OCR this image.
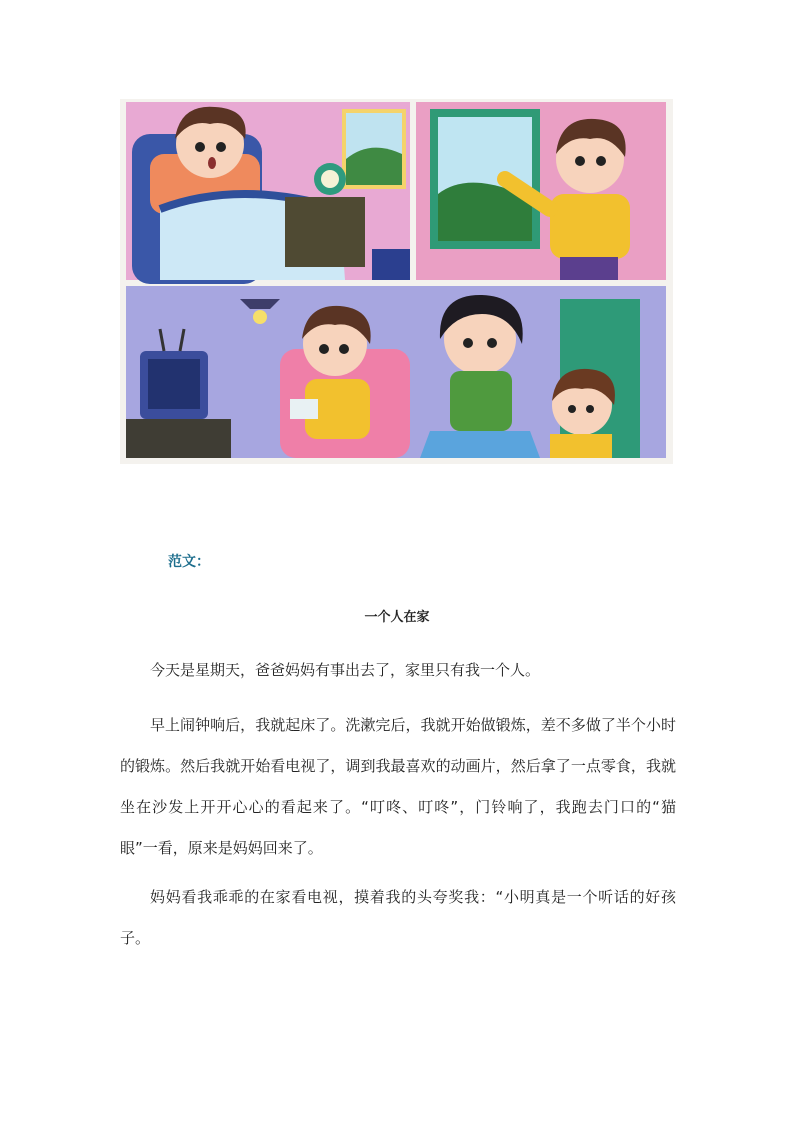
范文：
一个人在家

今天是星期天，爸爸妈妈有事出去了，家里只有我一个人。

早上闹钟响后，我就起床了。洗漱完后，我就开始做锻炼，差不多做了半个小时的锻炼。然后我就开始看电视了，调到我最喜欢的动画片，然后拿了一点零食，我就坐在沙发上开开心心的看起来了。“叮咚、叮咚”，门铃响了，我跑去门口的“猫眼”一看，原来是妈妈回来了。

妈妈看我乖乖的在家看电视，摸着我的头夸奖我：“小明真是一个听话的好孩子。
